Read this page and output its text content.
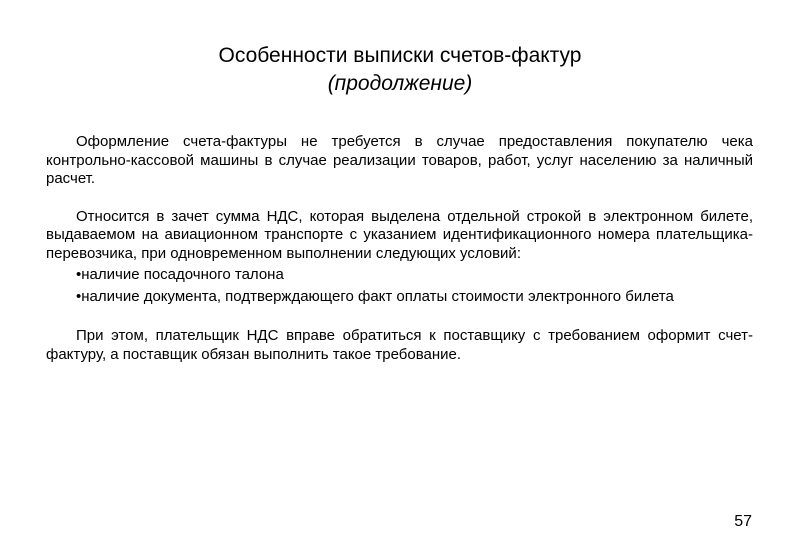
Особенности выписки счетов-фактур
(продолжение)

Оформление счета-фактуры не требуется в случае предоставления покупателю чека контрольно-кассовой машины в случае реализации товаров, работ, услуг населению за наличный расчет.

Относится в зачет сумма НДС, которая выделена отдельной строкой в электронном билете, выдаваемом на авиационном транспорте с указанием идентификационного номера плательщика-перевозчика, при одновременном выполнении следующих условий:

•наличие посадочного талона
•наличие документа, подтверждающего факт оплаты стоимости электронного билета

При этом, плательщик НДС вправе обратиться к поставщику с требованием оформит счет-фактуру, а поставщик обязан выполнить такое требование.

57
